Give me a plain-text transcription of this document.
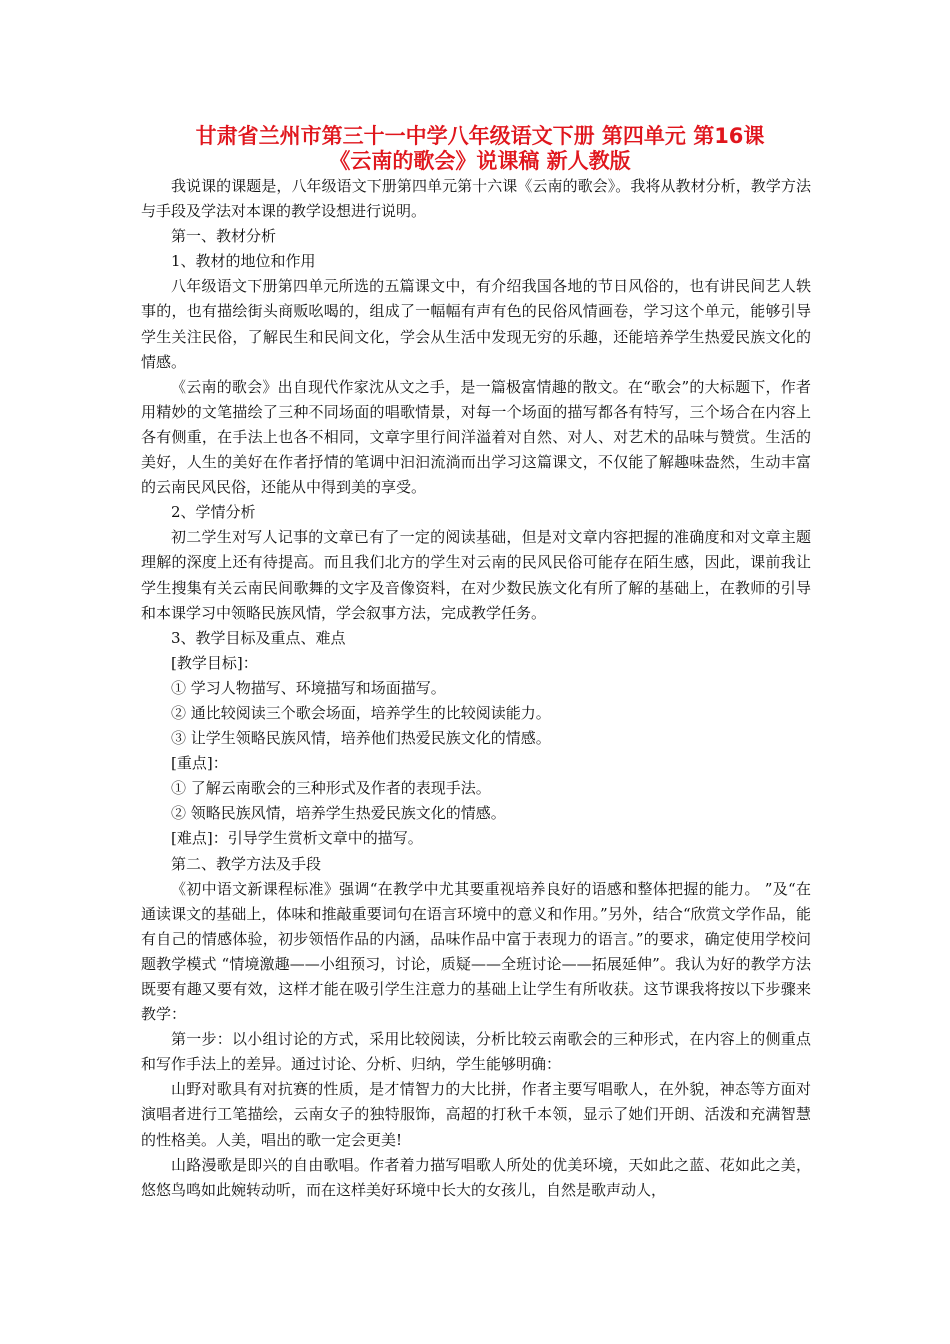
甘肃省兰州市第三十一中学八年级语文下册 第四单元 第16课
《云南的歌会》说课稿 新人教版

我说课的课题是，八年级语文下册第四单元第十六课《云南的歌会》。我将从教材分析，教学方法与手段及学法对本课的教学设想进行说明。

第一、教材分析

1、教材的地位和作用

八年级语文下册第四单元所选的五篇课文中，有介绍我国各地的节日风俗的，也有讲民间艺人轶事的，也有描绘街头商贩吆喝的，组成了一幅幅有声有色的民俗风情画卷，学习这个单元，能够引导学生关注民俗，了解民生和民间文化，学会从生活中发现无穷的乐趣，还能培养学生热爱民族文化的情感。

《云南的歌会》出自现代作家沈从文之手，是一篇极富情趣的散文。在“歌会”的大标题下，作者用精妙的文笔描绘了三种不同场面的唱歌情景，对每一个场面的描写都各有特写，三个场合在内容上各有侧重，在手法上也各不相同，文章字里行间洋溢着对自然、对人、对艺术的品味与赞赏。生活的美好，人生的美好在作者抒情的笔调中汩汩流淌而出学习这篇课文，不仅能了解趣味盎然，生动丰富的云南民风民俗，还能从中得到美的享受。

2、学情分析

初二学生对写人记事的文章已有了一定的阅读基础，但是对文章内容把握的准确度和对文章主题理解的深度上还有待提高。而且我们北方的学生对云南的民风民俗可能存在陌生感，因此，课前我让学生搜集有关云南民间歌舞的文字及音像资料，在对少数民族文化有所了解的基础上，在教师的引导和本课学习中领略民族风情，学会叙事方法，完成教学任务。

3、教学目标及重点、难点

[教学目标]：

① 学习人物描写、环境描写和场面描写。

② 通比较阅读三个歌会场面，培养学生的比较阅读能力。

③ 让学生领略民族风情，培养他们热爱民族文化的情感。

[重点]：

① 了解云南歌会的三种形式及作者的表现手法。

② 领略民族风情，培养学生热爱民族文化的情感。

[难点]：引导学生赏析文章中的描写。

第二、教学方法及手段

《初中语文新课程标准》强调“在教学中尤其要重视培养良好的语感和整体把握的能力。 ”及“在通读课文的基础上，体味和推敲重要词句在语言环境中的意义和作用。”另外，结合“欣赏文学作品，能有自己的情感体验，初步领悟作品的内涵，品味作品中富于表现力的语言。”的要求，确定使用学校问题教学模式 “情境激趣——小组预习，讨论，质疑——全班讨论——拓展延伸”。我认为好的教学方法既要有趣又要有效，这样才能在吸引学生注意力的基础上让学生有所收获。这节课我将按以下步骤来教学：

第一步：以小组讨论的方式，采用比较阅读，分析比较云南歌会的三种形式，在内容上的侧重点和写作手法上的差异。通过讨论、分析、归纳，学生能够明确：

山野对歌具有对抗赛的性质，是才情智力的大比拼，作者主要写唱歌人，在外貌，神态等方面对演唱者进行工笔描绘，云南女子的独特服饰，高超的打秋千本领，显示了她们开朗、活泼和充满智慧的性格美。人美，唱出的歌一定会更美!

山路漫歌是即兴的自由歌唱。作者着力描写唱歌人所处的优美环境，天如此之蓝、花如此之美，悠悠鸟鸣如此婉转动听，而在这样美好环境中长大的女孩儿，自然是歌声动人，
